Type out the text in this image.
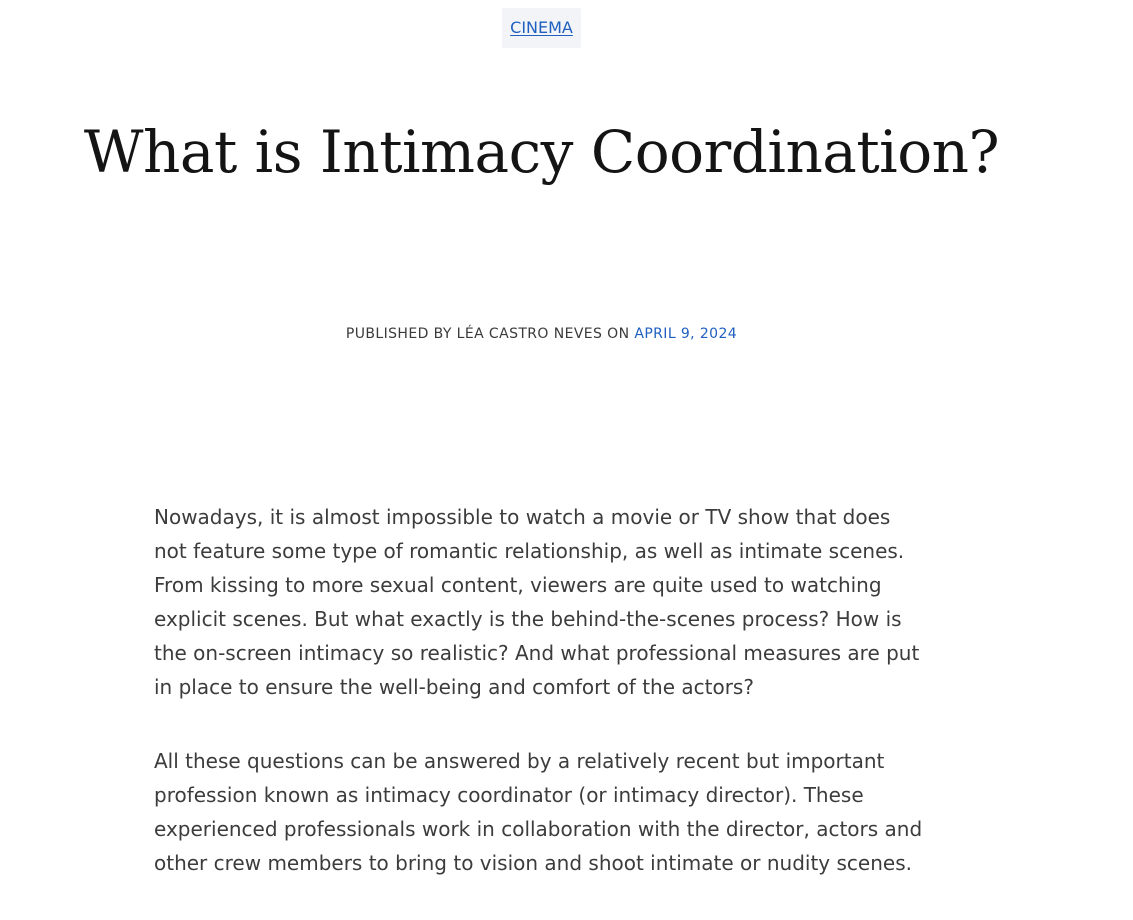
CINEMA
What is Intimacy Coordination?
PUBLISHED BY LÉA CASTRO NEVES ON APRIL 9, 2024

Nowadays, it is almost impossible to watch a movie or TV show that does not feature some type of romantic relationship, as well as intimate scenes. From kissing to more sexual content, viewers are quite used to watching explicit scenes. But what exactly is the behind-the-scenes process? How is the on-screen intimacy so realistic? And what professional measures are put in place to ensure the well-being and comfort of the actors?

All these questions can be answered by a relatively recent but important profession known as intimacy coordinator (or intimacy director). These experienced professionals work in collaboration with the director, actors and other crew members to bring to vision and shoot intimate or nudity scenes.
